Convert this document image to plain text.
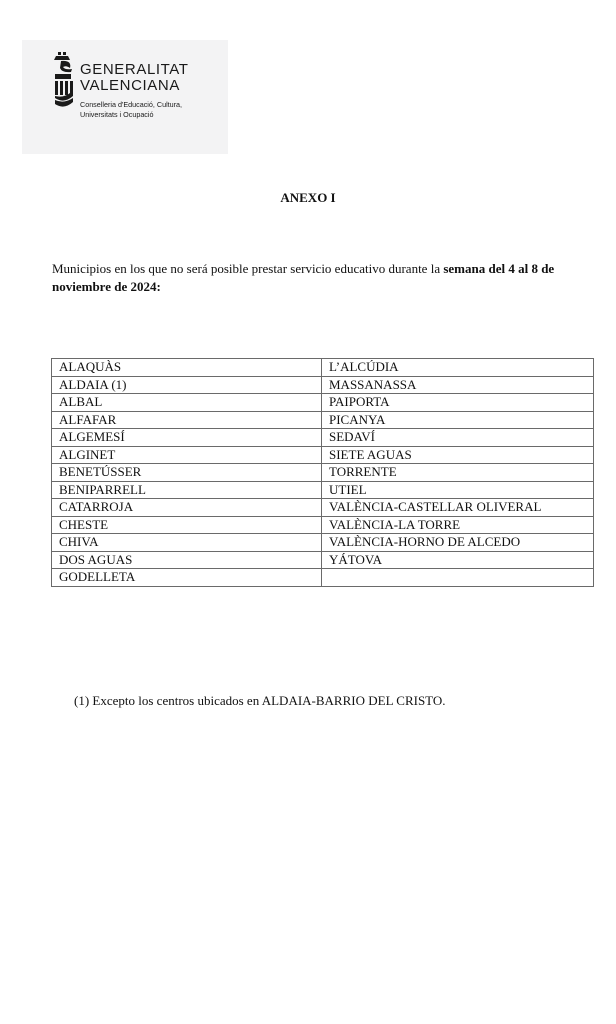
GENERALITAT
VALENCIANA
Conselleria d'Educació, Cultura,
Universitats i Ocupació
ANEXO I
Municipios en los que no será posible prestar servicio educativo durante la semana del 4 al 8 de noviembre de 2024:
ALAQUÀS	L’ALCÚDIA
ALDAIA (1)	MASSANASSA
ALBAL	PAIPORTA
ALFAFAR	PICANYA
ALGEMESÍ	SEDAVÍ
ALGINET	SIETE AGUAS
BENETÚSSER	TORRENTE
BENIPARRELL	UTIEL
CATARROJA	VALÈNCIA-CASTELLAR OLIVERAL
CHESTE	VALÈNCIA-LA TORRE
CHIVA	VALÈNCIA-HORNO DE ALCEDO
DOS AGUAS	YÁTOVA
GODELLETA	
(1) Excepto los centros ubicados en ALDAIA-BARRIO DEL CRISTO.
